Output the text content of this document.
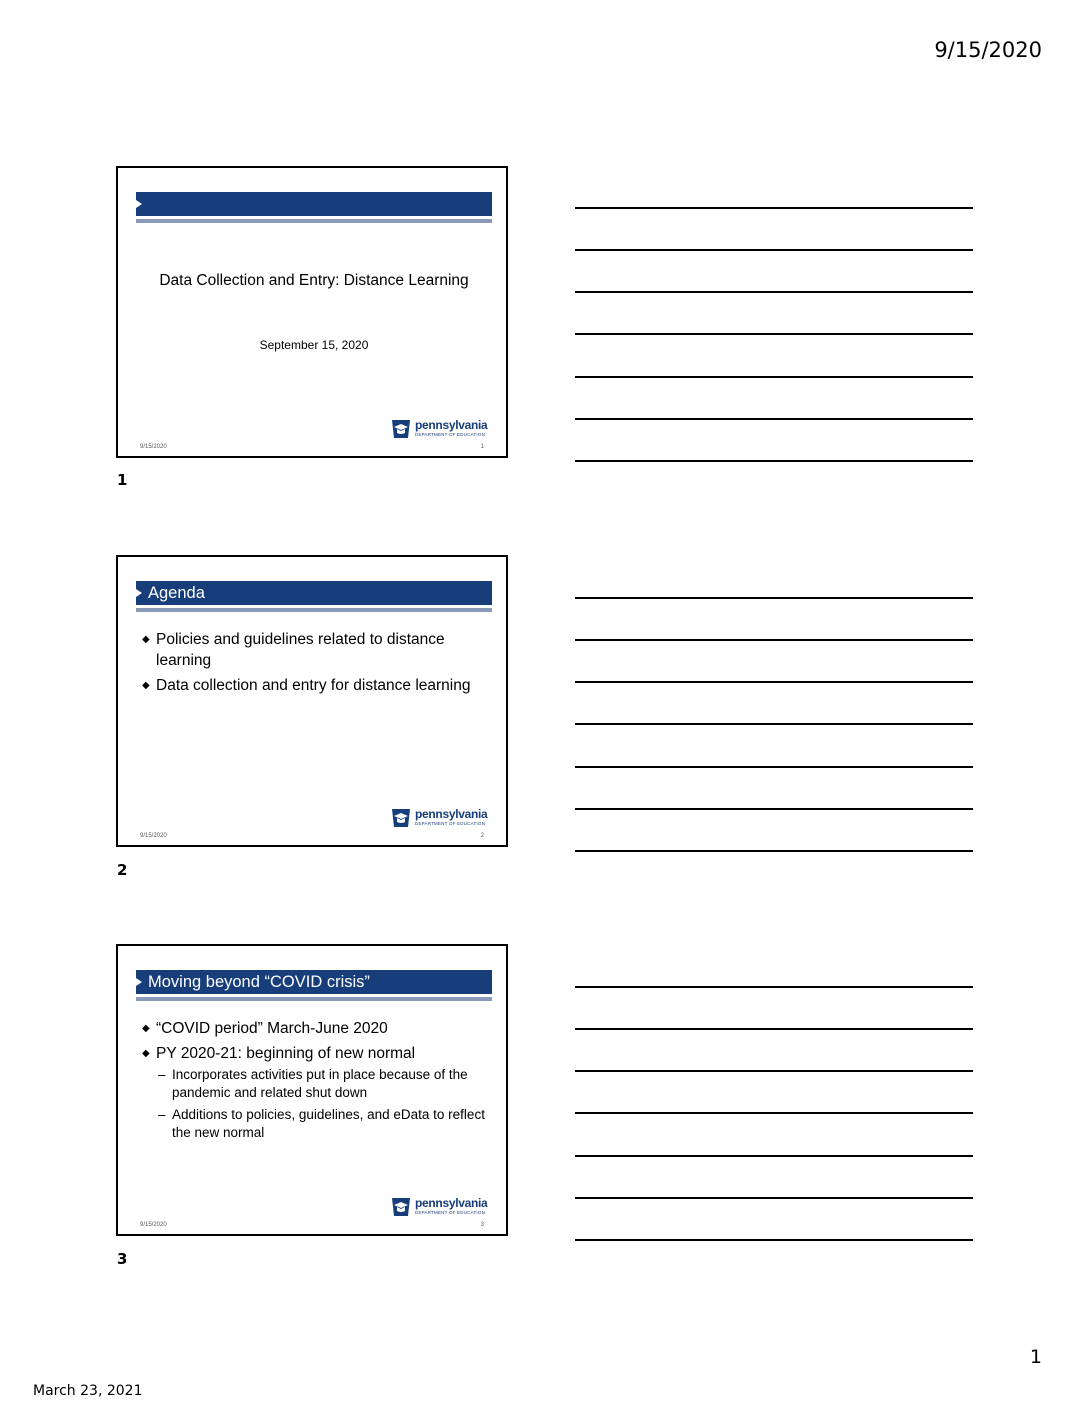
9/15/2020
Data Collection and Entry: Distance Learning
September 15, 2020
pennsylvania
DEPARTMENT OF EDUCATION
9/15/2020	1
1
Agenda
◆ Policies and guidelines related to distance learning
◆ Data collection and entry for distance learning
pennsylvania
DEPARTMENT OF EDUCATION
9/15/2020	2
2
Moving beyond “COVID crisis”
◆ “COVID period” March-June 2020
◆ PY 2020-21: beginning of new normal
– Incorporates activities put in place because of the pandemic and related shut down
– Additions to policies, guidelines, and eData to reflect the new normal
pennsylvania
DEPARTMENT OF EDUCATION
9/15/2020	3
3
1
March 23, 2021
